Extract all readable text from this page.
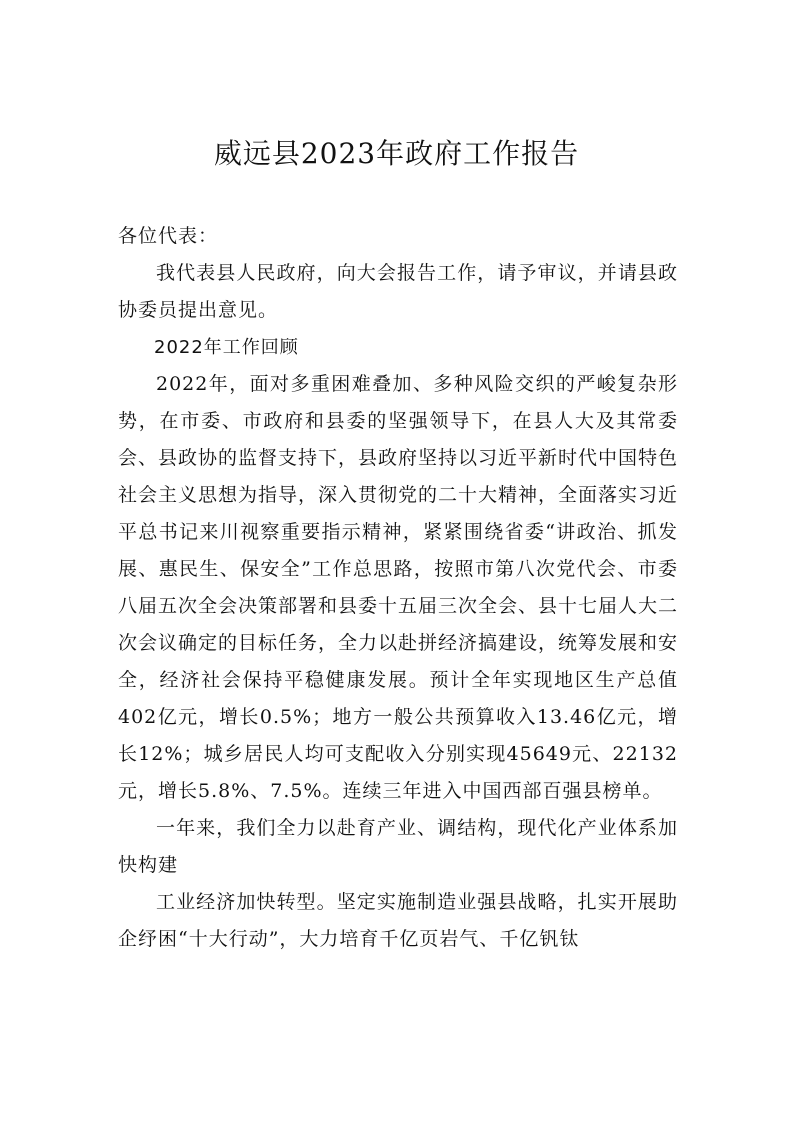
威远县2023年政府工作报告

各位代表：

我代表县人民政府，向大会报告工作，请予审议，并请县政协委员提出意见。

2022年工作回顾

2022年，面对多重困难叠加、多种风险交织的严峻复杂形势，在市委、市政府和县委的坚强领导下，在县人大及其常委会、县政协的监督支持下，县政府坚持以习近平新时代中国特色社会主义思想为指导，深入贯彻党的二十大精神，全面落实习近平总书记来川视察重要指示精神，紧紧围绕省委“讲政治、抓发展、惠民生、保安全”工作总思路，按照市第八次党代会、市委八届五次全会决策部署和县委十五届三次全会、县十七届人大二次会议确定的目标任务，全力以赴拼经济搞建设，统筹发展和安全，经济社会保持平稳健康发展。预计全年实现地区生产总值402亿元，增长0.5%；地方一般公共预算收入13.46亿元，增长12%；城乡居民人均可支配收入分别实现45649元、22132元，增长5.8%、7.5%。连续三年进入中国西部百强县榜单。

一年来，我们全力以赴育产业、调结构，现代化产业体系加快构建

工业经济加快转型。坚定实施制造业强县战略，扎实开展助企纾困“十大行动”，大力培育千亿页岩气、千亿钒钛
